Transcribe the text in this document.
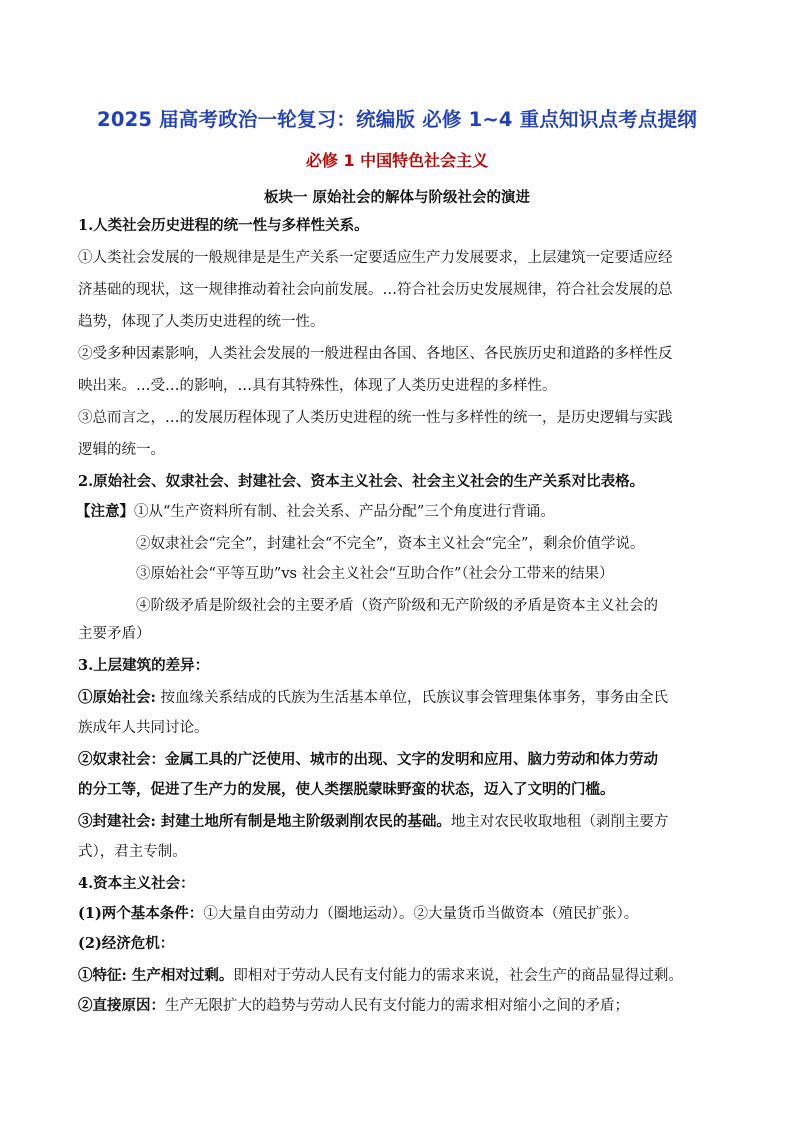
2025 届高考政治一轮复习：统编版 必修 1~4 重点知识点考点提纲
必修 1 中国特色社会主义
板块一 原始社会的解体与阶级社会的演进
1.人类社会历史进程的统一性与多样性关系。
①人类社会发展的一般规律是是生产关系一定要适应生产力发展要求，上层建筑一定要适应经
济基础的现状，这一规律推动着社会向前发展。…符合社会历史发展规律，符合社会发展的总
趋势，体现了人类历史进程的统一性。
②受多种因素影响，人类社会发展的一般进程由各国、各地区、各民族历史和道路的多样性反
映出来。…受…的影响，…具有其特殊性，体现了人类历史进程的多样性。
③总而言之，…的发展历程体现了人类历史进程的统一性与多样性的统一，是历史逻辑与实践
逻辑的统一。
2.原始社会、奴隶社会、封建社会、资本主义社会、社会主义社会的生产关系对比表格。
【注意】①从“生产资料所有制、社会关系、产品分配”三个角度进行背诵。
②奴隶社会“完全”，封建社会“不完全”，资本主义社会“完全”，剩余价值学说。
③原始社会“平等互助”vs 社会主义社会“互助合作”（社会分工带来的结果）
④阶级矛盾是阶级社会的主要矛盾（资产阶级和无产阶级的矛盾是资本主义社会的
主要矛盾）
3.上层建筑的差异：
①原始社会: 按血缘关系结成的氏族为生活基本单位，氏族议事会管理集体事务，事务由全氏
族成年人共同讨论。
②奴隶社会：金属工具的广泛使用、城市的出现、文字的发明和应用、脑力劳动和体力劳动
的分工等，促进了生产力的发展，使人类摆脱蒙昧野蛮的状态，迈入了文明的门槛。
③封建社会: 封建土地所有制是地主阶级剥削农民的基础。地主对农民收取地租（剥削主要方
式），君主专制。
4.资本主义社会：
(1)两个基本条件：①大量自由劳动力（圈地运动）。②大量货币当做资本（殖民扩张）。
(2)经济危机：
①特征: 生产相对过剩。即相对于劳动人民有支付能力的需求来说，社会生产的商品显得过剩。
②直接原因：生产无限扩大的趋势与劳动人民有支付能力的需求相对缩小之间的矛盾；
